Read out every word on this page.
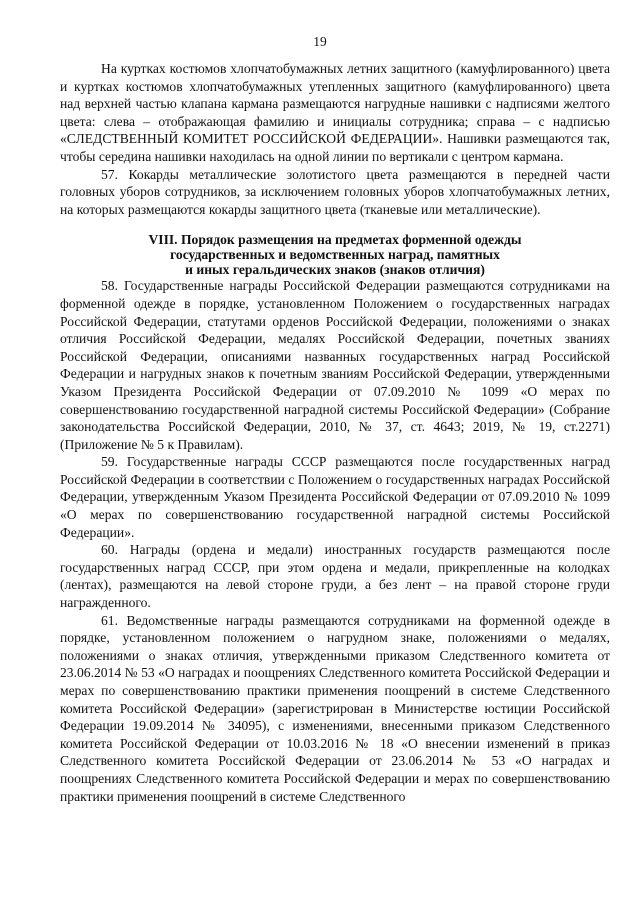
19

На куртках костюмов хлопчатобумажных летних защитного (камуфлированного) цвета и куртках костюмов хлопчатобумажных утепленных защитного (камуфлированного) цвета над верхней частью клапана кармана размещаются нагрудные нашивки с надписями желтого цвета: слева – отображающая фамилию и инициалы сотрудника; справа – с надписью «СЛЕДСТВЕННЫЙ КОМИТЕТ РОССИЙСКОЙ ФЕДЕРАЦИИ». Нашивки размещаются так, чтобы середина нашивки находилась на одной линии по вертикали с центром кармана.

57. Кокарды металлические золотистого цвета размещаются в передней части головных уборов сотрудников, за исключением головных уборов хлопчатобумажных летних, на которых размещаются кокарды защитного цвета (тканевые или металлические).

VIII. Порядок размещения на предметах форменной одежды
государственных и ведомственных наград, памятных
и иных геральдических знаков (знаков отличия)

58. Государственные награды Российской Федерации размещаются сотрудниками на форменной одежде в порядке, установленном Положением о государственных наградах Российской Федерации, статутами орденов Российской Федерации, положениями о знаках отличия Российской Федерации, медалях Российской Федерации, почетных званиях Российской Федерации, описаниями названных государственных наград Российской Федерации и нагрудных знаков к почетным званиям Российской Федерации, утвержденными Указом Президента Российской Федерации от 07.09.2010 № 1099 «О мерах по совершенствованию государственной наградной системы Российской Федерации» (Собрание законодательства Российской Федерации, 2010, № 37, ст. 4643; 2019, № 19, ст.2271) (Приложение № 5 к Правилам).

59. Государственные награды СССР размещаются после государственных наград Российской Федерации в соответствии с Положением о государственных наградах Российской Федерации, утвержденным Указом Президента Российской Федерации от 07.09.2010 № 1099 «О мерах по совершенствованию государственной наградной системы Российской Федерации».

60. Награды (ордена и медали) иностранных государств размещаются после государственных наград СССР, при этом ордена и медали, прикрепленные на колодках (лентах), размещаются на левой стороне груди, а без лент – на правой стороне груди награжденного.

61. Ведомственные награды размещаются сотрудниками на форменной одежде в порядке, установленном положением о нагрудном знаке, положениями о медалях, положениями о знаках отличия, утвержденными приказом Следственного комитета от 23.06.2014 № 53 «О наградах и поощрениях Следственного комитета Российской Федерации и мерах по совершенствованию практики применения поощрений в системе Следственного комитета Российской Федерации» (зарегистрирован в Министерстве юстиции Российской Федерации 19.09.2014 № 34095), с изменениями, внесенными приказом Следственного комитета Российской Федерации от 10.03.2016 № 18 «О внесении изменений в приказ Следственного комитета Российской Федерации от 23.06.2014 № 53 «О наградах и поощрениях Следственного комитета Российской Федерации и мерах по совершенствованию практики применения поощрений в системе Следственного
